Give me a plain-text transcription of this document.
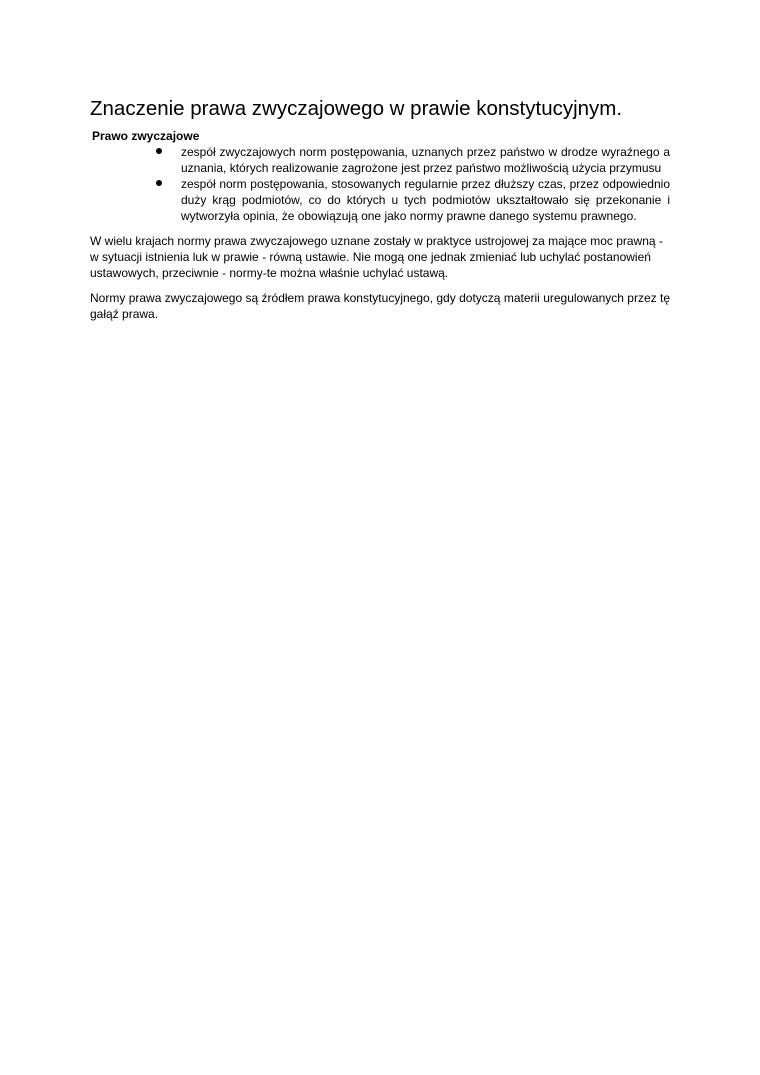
Znaczenie prawa zwyczajowego w prawie konstytucyjnym.
Prawo zwyczajowe
zespół zwyczajowych norm postępowania, uznanych przez państwo w drodze wyraźnego a uznania, których realizowanie zagrożone jest przez państwo możliwością użycia przymusu
zespół norm postępowania, stosowanych regularnie przez dłuższy czas, przez odpowiednio duży krąg podmiotów, co do których u tych podmiotów ukształtowało się przekonanie i wytworzyła opinia, że obowiązują one jako normy prawne danego systemu prawnego.

W wielu krajach normy prawa zwyczajowego uznane zostały w praktyce ustrojowej za mające moc prawną - w sytuacji istnienia luk w prawie - równą ustawie. Nie mogą one jednak zmieniać lub uchylać postanowień ustawowych, przeciwnie - normy-te można właśnie uchylać ustawą.

Normy prawa zwyczajowego są źródłem prawa konstytucyjnego, gdy dotyczą materii uregulowanych przez tę gałąź prawa.
